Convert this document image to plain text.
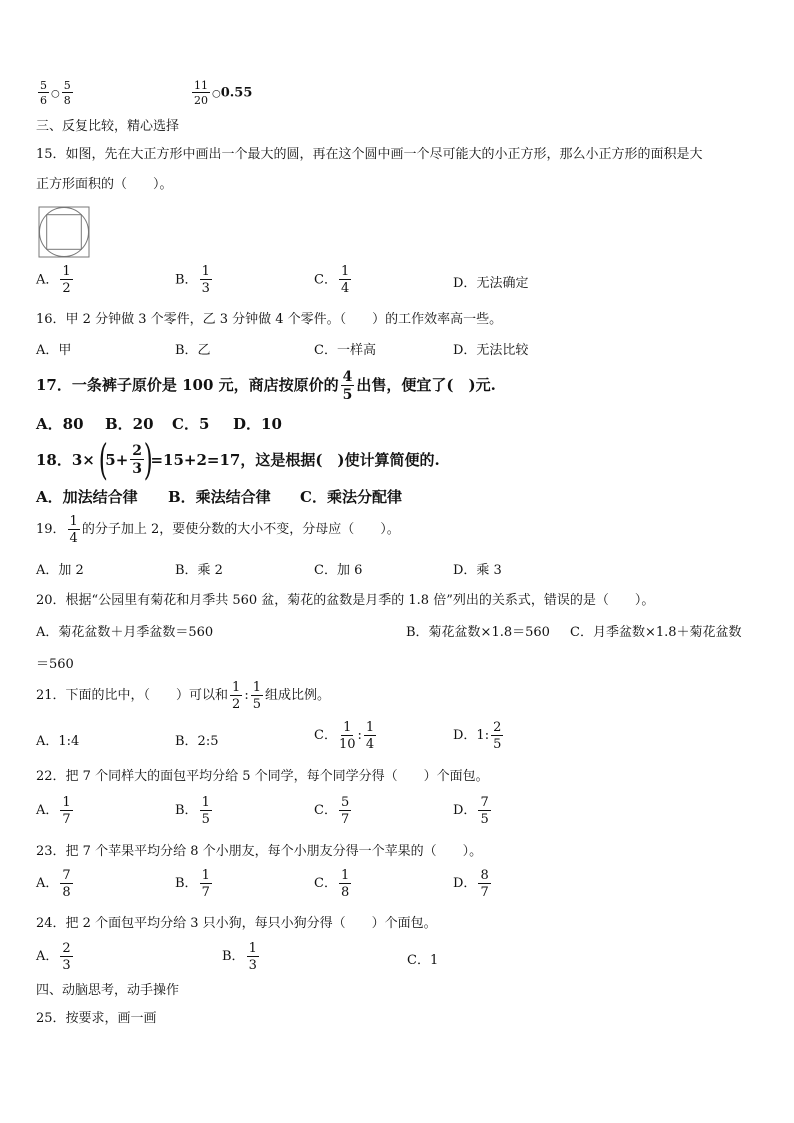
$\frac{5}{6}$ ○ $\frac{5}{8}$	$\frac{11}{20}$ ○0.55
三、反复比较，精心选择
15．如图，先在大正方形中画出一个最大的圆，再在这个圆中画一个尽可能大的小正方形，那么小正方形的面积是大
正方形面积的（　　）。
A． $\frac{1}{2}$	B． $\frac{1}{3}$	C． $\frac{1}{4}$	D．无法确定
16．甲 2 分钟做 3 个零件，乙 3 分钟做 4 个零件。（　　）的工作效率高一些。
A．甲	B．乙	C．一样高	D．无法比较
17．一条裤子原价是 100 元，商店按原价的 $\frac{4}{5}$ 出售，便宜了(　)元.
A．80 B．20 C．5 D．10
18．$3\times(5+ \frac{2}{3} )=15+2=17$，这是根据(　)使计算简便的.
A．加法结合律 B．乘法结合律 C．乘法分配律
19． $\frac{1}{4}$ 的分子加上 2，要使分数的大小不变，分母应（　　）。
A．加 2	B．乘 2	C．加 6	D．乘 3
20．根据“公园里有菊花和月季共 560 盆，菊花的盆数是月季的 1.8 倍”列出的关系式，错误的是（　　）。
A．菊花盆数＋月季盆数＝560	B．菊花盆数×1.8＝560 C．月季盆数×1.8＋菊花盆数
＝560
21．下面的比中，（　　）可以和 $\frac{1}{2}$ : $\frac{1}{5}$ 组成比例。
A．1:4	B．2:5	C． $\frac{1}{10}$ : $\frac{1}{4}$	D．1: $\frac{2}{5}$
22．把 7 个同样大的面包平均分给 5 个同学，每个同学分得（　　）个面包。
A． $\frac{1}{7}$	B． $\frac{1}{5}$	C． $\frac{5}{7}$	D． $\frac{7}{5}$
23．把 7 个苹果平均分给 8 个小朋友，每个小朋友分得一个苹果的（　　）。
A． $\frac{7}{8}$	B． $\frac{1}{7}$	C． $\frac{1}{8}$	D． $\frac{8}{7}$
24．把 2 个面包平均分给 3 只小狗，每只小狗分得（　　）个面包。
A． $\frac{2}{3}$	B． $\frac{1}{3}$	C．1
四、动脑思考，动手操作
25．按要求，画一画
